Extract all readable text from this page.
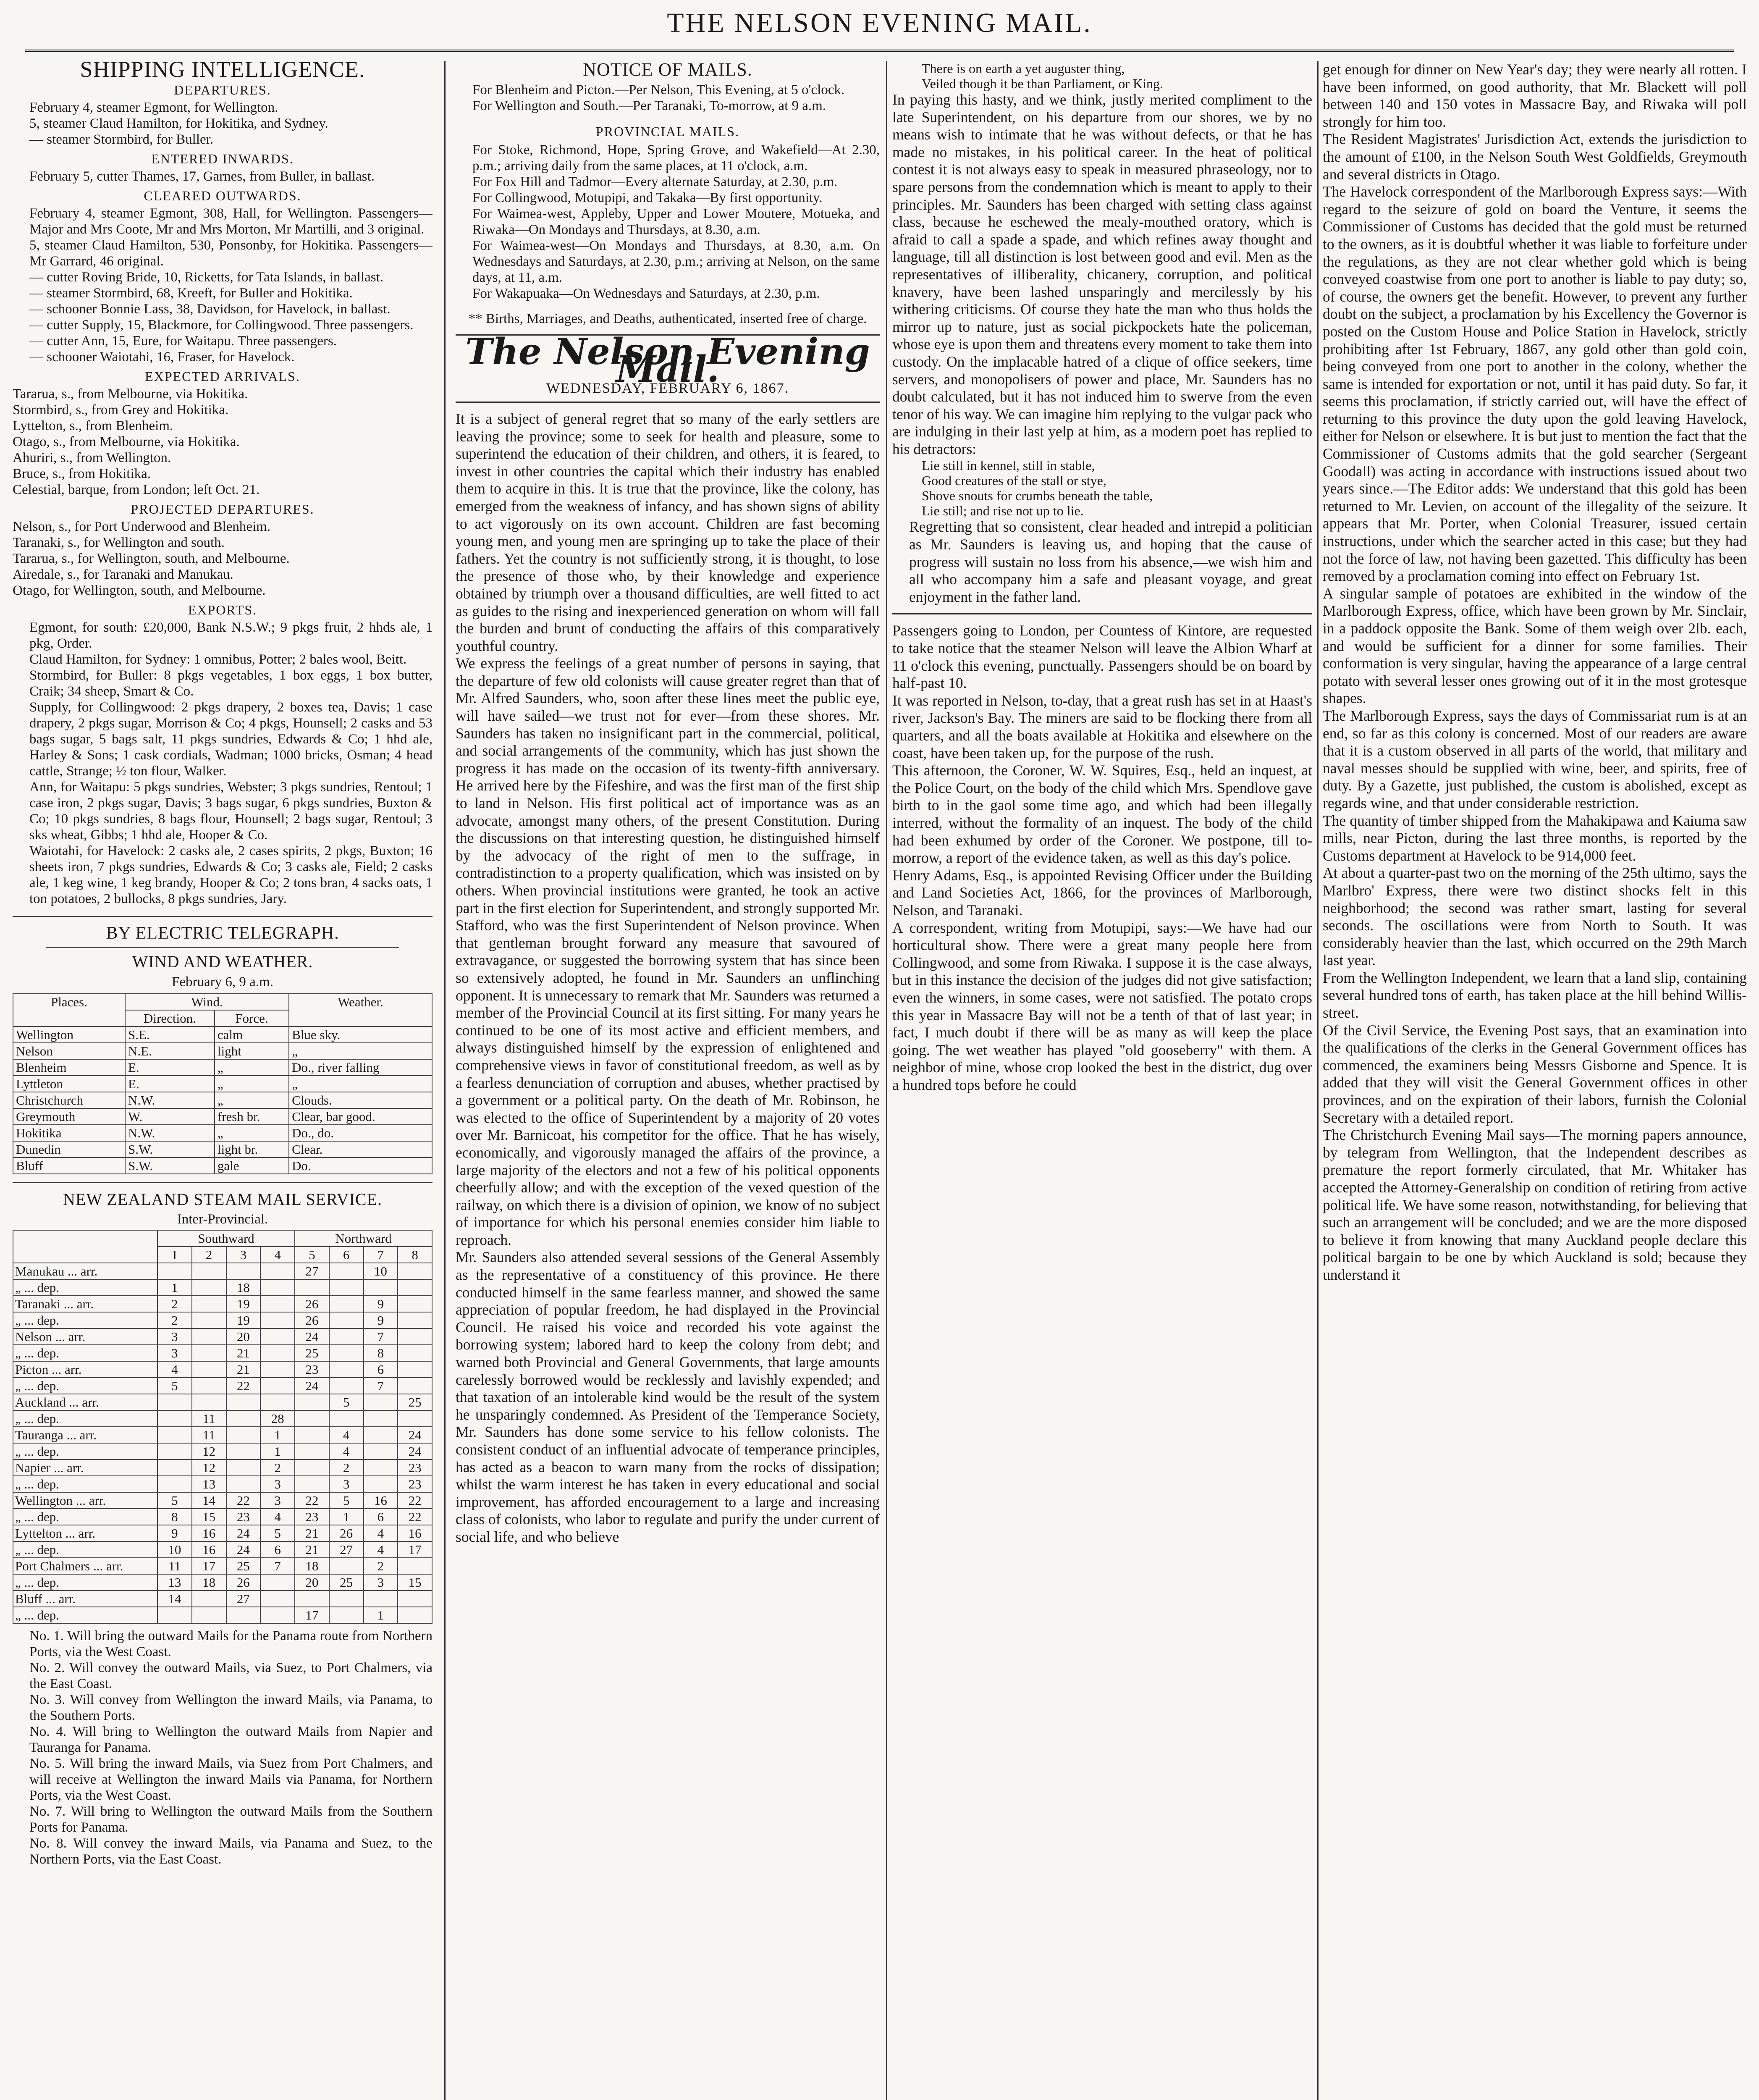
THE NELSON EVENING MAIL.
SHIPPING INTELLIGENCE.
DEPARTURES.

February 4, steamer Egmont, for Wellington.

5, steamer Claud Hamilton, for Hokitika, and Sydney.

— steamer Stormbird, for Buller.

ENTERED INWARDS.

February 5, cutter Thames, 17, Garnes, from Buller, in ballast.

CLEARED OUTWARDS.

February 4, steamer Egmont, 308, Hall, for Wellington. Passengers—Major and Mrs Coote, Mr and Mrs Morton, Mr Martilli, and 3 original.

5, steamer Claud Hamilton, 530, Ponsonby, for Hokitika. Passengers—Mr Garrard, 46 original.

— cutter Roving Bride, 10, Ricketts, for Tata Islands, in ballast.

— steamer Stormbird, 68, Kreeft, for Buller and Hokitika.

— schooner Bonnie Lass, 38, Davidson, for Havelock, in ballast.

— cutter Supply, 15, Blackmore, for Collingwood. Three passengers.

— cutter Ann, 15, Eure, for Waitapu. Three passengers.

— schooner Waiotahi, 16, Fraser, for Havelock.

EXPECTED ARRIVALS.

Tararua, s., from Melbourne, via Hokitika.

Stormbird, s., from Grey and Hokitika.

Lyttelton, s., from Blenheim.

Otago, s., from Melbourne, via Hokitika.

Ahuriri, s., from Wellington.

Bruce, s., from Hokitika.

Celestial, barque, from London; left Oct. 21.

PROJECTED DEPARTURES.

Nelson, s., for Port Underwood and Blenheim.

Taranaki, s., for Wellington and south.

Tararua, s., for Wellington, south, and Melbourne.

Airedale, s., for Taranaki and Manukau.

Otago, for Wellington, south, and Melbourne.

EXPORTS.

Egmont, for south: £20,000, Bank N.S.W.; 9 pkgs fruit, 2 hhds ale, 1 pkg, Order.

Claud Hamilton, for Sydney: 1 omnibus, Potter; 2 bales wool, Beitt.

Stormbird, for Buller: 8 pkgs vegetables, 1 box eggs, 1 box butter, Craik; 34 sheep, Smart & Co.

Supply, for Collingwood: 2 pkgs drapery, 2 boxes tea, Davis; 1 case drapery, 2 pkgs sugar, Morrison & Co; 4 pkgs, Hounsell; 2 casks and 53 bags sugar, 5 bags salt, 11 pkgs sundries, Edwards & Co; 1 hhd ale, Harley & Sons; 1 cask cordials, Wadman; 1000 bricks, Osman; 4 head cattle, Strange; ½ ton flour, Walker.

Ann, for Waitapu: 5 pkgs sundries, Webster; 3 pkgs sundries, Rentoul; 1 case iron, 2 pkgs sugar, Davis; 3 bags sugar, 6 pkgs sundries, Buxton & Co; 10 pkgs sundries, 8 bags flour, Hounsell; 2 bags sugar, Rentoul; 3 sks wheat, Gibbs; 1 hhd ale, Hooper & Co.

Waiotahi, for Havelock: 2 casks ale, 2 cases spirits, 2 pkgs, Buxton; 16 sheets iron, 7 pkgs sundries, Edwards & Co; 3 casks ale, Field; 2 casks ale, 1 keg wine, 1 keg brandy, Hooper & Co; 2 tons bran, 4 sacks oats, 1 ton potatoes, 2 bullocks, 8 pkgs sundries, Jary.

BY ELECTRIC TELEGRAPH.
WIND AND WEATHER.
February 6, 9 a.m.
Places.	Wind.		Weather.
	Direction.	Force.	
Wellington	S.E.	calm	Blue sky.
Nelson	N.E.	light	„
Blenheim	E.	„	Do., river falling
Lyttleton	E.	„	„
Christchurch	N.W.	„	Clouds.
Greymouth	W.	fresh br.	Clear, bar good.
Hokitika	N.W.	„	Do., do.
Dunedin	S.W.	light br.	Clear.
Bluff	S.W.	gale	Do.
NEW ZEALAND STEAM MAIL SERVICE.
Inter-Provincial.
	Southward				Northward			
	1	2	3	4	5	6	7	8
Manukau ... arr.					27		10	
„ ... dep.	1		18					
Taranaki ... arr.	2		19		26		9	
„ ... dep.	2		19		26		9	
Nelson ... arr.	3		20		24		7	
„ ... dep.	3		21		25		8	
Picton ... arr.	4		21		23		6	
„ ... dep.	5		22		24		7	
Auckland ... arr.						5		25
„ ... dep.		11		28				
Tauranga ... arr.		11		1		4		24
„ ... dep.		12		1		4		24
Napier ... arr.		12		2		2		23
„ ... dep.		13		3		3		23
Wellington ... arr.	5	14	22	3	22	5	16	22
„ ... dep.	8	15	23	4	23	1	6	22
Lyttelton ... arr.	9	16	24	5	21	26	4	16
„ ... dep.	10	16	24	6	21	27	4	17
Port Chalmers ... arr.	11	17	25	7	18		2	
„ ... dep.	13	18	26		20	25	3	15
Bluff ... arr.	14		27					
„ ... dep.					17		1	

No. 1. Will bring the outward Mails for the Panama route from Northern Ports, via the West Coast.

No. 2. Will convey the outward Mails, via Suez, to Port Chalmers, via the East Coast.

No. 3. Will convey from Wellington the inward Mails, via Panama, to the Southern Ports.

No. 4. Will bring to Wellington the outward Mails from Napier and Tauranga for Panama.

No. 5. Will bring the inward Mails, via Suez from Port Chalmers, and will receive at Wellington the inward Mails via Panama, for Northern Ports, via the West Coast.

No. 7. Will bring to Wellington the outward Mails from the Southern Ports for Panama.

No. 8. Will convey the inward Mails, via Panama and Suez, to the Northern Ports, via the East Coast.

NOTICE OF MAILS.

For Blenheim and Picton.—Per Nelson, This Evening, at 5 o'clock.

For Wellington and South.—Per Taranaki, To-morrow, at 9 a.m.

PROVINCIAL MAILS.

For Stoke, Richmond, Hope, Spring Grove, and Wakefield—At 2.30, p.m.; arriving daily from the same places, at 11 o'clock, a.m.

For Fox Hill and Tadmor—Every alternate Saturday, at 2.30, p.m.

For Collingwood, Motupipi, and Takaka—By first opportunity.

For Waimea-west, Appleby, Upper and Lower Moutere, Motueka, and Riwaka—On Mondays and Thursdays, at 8.30, a.m.

For Waimea-west—On Mondays and Thursdays, at 8.30, a.m. On Wednesdays and Saturdays, at 2.30, p.m.; arriving at Nelson, on the same days, at 11, a.m.

For Wakapuaka—On Wednesdays and Saturdays, at 2.30, p.m.

** Births, Marriages, and Deaths, authenticated, inserted free of charge.
The Nelson Evening Mail.
WEDNESDAY, FEBRUARY 6, 1867.

It is a subject of general regret that so many of the early settlers are leaving the province; some to seek for health and pleasure, some to superintend the education of their children, and others, it is feared, to invest in other countries the capital which their industry has enabled them to acquire in this. It is true that the province, like the colony, has emerged from the weakness of infancy, and has shown signs of ability to act vigorously on its own account. Children are fast becoming young men, and young men are springing up to take the place of their fathers. Yet the country is not sufficiently strong, it is thought, to lose the presence of those who, by their knowledge and experience obtained by triumph over a thousand difficulties, are well fitted to act as guides to the rising and inexperienced generation on whom will fall the burden and brunt of conducting the affairs of this comparatively youthful country.

We express the feelings of a great number of persons in saying, that the departure of few old colonists will cause greater regret than that of Mr. Alfred Saunders, who, soon after these lines meet the public eye, will have sailed—we trust not for ever—from these shores. Mr. Saunders has taken no insignificant part in the commercial, political, and social arrangements of the community, which has just shown the progress it has made on the occasion of its twenty-fifth anniversary. He arrived here by the Fifeshire, and was the first man of the first ship to land in Nelson. His first political act of importance was as an advocate, amongst many others, of the present Constitution. During the discussions on that interesting question, he distinguished himself by the advocacy of the right of men to the suffrage, in contradistinction to a property qualification, which was insisted on by others. When provincial institutions were granted, he took an active part in the first election for Superintendent, and strongly supported Mr. Stafford, who was the first Superintendent of Nelson province. When that gentleman brought forward any measure that savoured of extravagance, or suggested the borrowing system that has since been so extensively adopted, he found in Mr. Saunders an unflinching opponent. It is unnecessary to remark that Mr. Saunders was returned a member of the Provincial Council at its first sitting. For many years he continued to be one of its most active and efficient members, and always distinguished himself by the expression of enlightened and comprehensive views in favor of constitutional freedom, as well as by a fearless denunciation of corruption and abuses, whether practised by a government or a political party. On the death of Mr. Robinson, he was elected to the office of Superintendent by a majority of 20 votes over Mr. Barnicoat, his competitor for the office. That he has wisely, economically, and vigorously managed the affairs of the province, a large majority of the electors and not a few of his political opponents cheerfully allow; and with the exception of the vexed question of the railway, on which there is a division of opinion, we know of no subject of importance for which his personal enemies consider him liable to reproach.

Mr. Saunders also attended several sessions of the General Assembly as the representative of a constituency of this province. He there conducted himself in the same fearless manner, and showed the same appreciation of popular freedom, he had displayed in the Provincial Council. He raised his voice and recorded his vote against the borrowing system; labored hard to keep the colony from debt; and warned both Provincial and General Governments, that large amounts carelessly borrowed would be recklessly and lavishly expended; and that taxation of an intolerable kind would be the result of the system he unsparingly condemned. As President of the Temperance Society, Mr. Saunders has done some service to his fellow colonists. The consistent conduct of an influential advocate of temperance principles, has acted as a beacon to warn many from the rocks of dissipation; whilst the warm interest he has taken in every educational and social improvement, has afforded encouragement to a large and increasing class of colonists, who labor to regulate and purify the under current of social life, and who believe

There is on earth a yet auguster thing,

Veiled though it be than Parliament, or King.

In paying this hasty, and we think, justly merited compliment to the late Superintendent, on his departure from our shores, we by no means wish to intimate that he was without defects, or that he has made no mistakes, in his political career. In the heat of political contest it is not always easy to speak in measured phraseology, nor to spare persons from the condemnation which is meant to apply to their principles. Mr. Saunders has been charged with setting class against class, because he eschewed the mealy-mouthed oratory, which is afraid to call a spade a spade, and which refines away thought and language, till all distinction is lost between good and evil. Men as the representatives of illiberality, chicanery, corruption, and political knavery, have been lashed unsparingly and mercilessly by his withering criticisms. Of course they hate the man who thus holds the mirror up to nature, just as social pickpockets hate the policeman, whose eye is upon them and threatens every moment to take them into custody. On the implacable hatred of a clique of office seekers, time servers, and monopolisers of power and place, Mr. Saunders has no doubt calculated, but it has not induced him to swerve from the even tenor of his way. We can imagine him replying to the vulgar pack who are indulging in their last yelp at him, as a modern poet has replied to his detractors:

Lie still in kennel, still in stable,

Good creatures of the stall or stye,

Shove snouts for crumbs beneath the table,

Lie still; and rise not up to lie.

Regretting that so consistent, clear headed and intrepid a politician as Mr. Saunders is leaving us, and hoping that the cause of progress will sustain no loss from his absence,—we wish him and all who accompany him a safe and pleasant voyage, and great enjoyment in the father land.

Passengers going to London, per Countess of Kintore, are requested to take notice that the steamer Nelson will leave the Albion Wharf at 11 o'clock this evening, punctually. Passengers should be on board by half-past 10.

It was reported in Nelson, to-day, that a great rush has set in at Haast's river, Jackson's Bay. The miners are said to be flocking there from all quarters, and all the boats available at Hokitika and elsewhere on the coast, have been taken up, for the purpose of the rush.

This afternoon, the Coroner, W. W. Squires, Esq., held an inquest, at the Police Court, on the body of the child which Mrs. Spendlove gave birth to in the gaol some time ago, and which had been illegally interred, without the formality of an inquest. The body of the child had been exhumed by order of the Coroner. We postpone, till to-morrow, a report of the evidence taken, as well as this day's police.

Henry Adams, Esq., is appointed Revising Officer under the Building and Land Societies Act, 1866, for the provinces of Marlborough, Nelson, and Taranaki.

A correspondent, writing from Motupipi, says:—We have had our horticultural show. There were a great many people here from Collingwood, and some from Riwaka. I suppose it is the case always, but in this instance the decision of the judges did not give satisfaction; even the winners, in some cases, were not satisfied. The potato crops this year in Massacre Bay will not be a tenth of that of last year; in fact, I much doubt if there will be as many as will keep the place going. The wet weather has played "old gooseberry" with them. A neighbor of mine, whose crop looked the best in the district, dug over a hundred tops before he could

get enough for dinner on New Year's day; they were nearly all rotten. I have been informed, on good authority, that Mr. Blackett will poll between 140 and 150 votes in Massacre Bay, and Riwaka will poll strongly for him too.

The Resident Magistrates' Jurisdiction Act, extends the jurisdiction to the amount of £100, in the Nelson South West Goldfields, Greymouth and several districts in Otago.

The Havelock correspondent of the Marlborough Express says:—With regard to the seizure of gold on board the Venture, it seems the Commissioner of Customs has decided that the gold must be returned to the owners, as it is doubtful whether it was liable to forfeiture under the regulations, as they are not clear whether gold which is being conveyed coastwise from one port to another is liable to pay duty; so, of course, the owners get the benefit. However, to prevent any further doubt on the subject, a proclamation by his Excellency the Governor is posted on the Custom House and Police Station in Havelock, strictly prohibiting after 1st February, 1867, any gold other than gold coin, being conveyed from one port to another in the colony, whether the same is intended for exportation or not, until it has paid duty. So far, it seems this proclamation, if strictly carried out, will have the effect of returning to this province the duty upon the gold leaving Havelock, either for Nelson or elsewhere. It is but just to mention the fact that the Commissioner of Customs admits that the gold searcher (Sergeant Goodall) was acting in accordance with instructions issued about two years since.—The Editor adds: We understand that this gold has been returned to Mr. Levien, on account of the illegality of the seizure. It appears that Mr. Porter, when Colonial Treasurer, issued certain instructions, under which the searcher acted in this case; but they had not the force of law, not having been gazetted. This difficulty has been removed by a proclamation coming into effect on February 1st.

A singular sample of potatoes are exhibited in the window of the Marlborough Express, office, which have been grown by Mr. Sinclair, in a paddock opposite the Bank. Some of them weigh over 2lb. each, and would be sufficient for a dinner for some families. Their conformation is very singular, having the appearance of a large central potato with several lesser ones growing out of it in the most grotesque shapes.

The Marlborough Express, says the days of Commissariat rum is at an end, so far as this colony is concerned. Most of our readers are aware that it is a custom observed in all parts of the world, that military and naval messes should be supplied with wine, beer, and spirits, free of duty. By a Gazette, just published, the custom is abolished, except as regards wine, and that under considerable restriction.

The quantity of timber shipped from the Mahakipawa and Kaiuma saw mills, near Picton, during the last three months, is reported by the Customs department at Havelock to be 914,000 feet.

At about a quarter-past two on the morning of the 25th ultimo, says the Marlbro' Express, there were two distinct shocks felt in this neighborhood; the second was rather smart, lasting for several seconds. The oscillations were from North to South. It was considerably heavier than the last, which occurred on the 29th March last year.

From the Wellington Independent, we learn that a land slip, containing several hundred tons of earth, has taken place at the hill behind Willis-street.

Of the Civil Service, the Evening Post says, that an examination into the qualifications of the clerks in the General Government offices has commenced, the examiners being Messrs Gisborne and Spence. It is added that they will visit the General Government offices in other provinces, and on the expiration of their labors, furnish the Colonial Secretary with a detailed report.

The Christchurch Evening Mail says—The morning papers announce, by telegram from Wellington, that the Independent describes as premature the report formerly circulated, that Mr. Whitaker has accepted the Attorney-Generalship on condition of retiring from active political life. We have some reason, notwithstanding, for believing that such an arrangement will be concluded; and we are the more disposed to believe it from knowing that many Auckland people declare this political bargain to be one by which Auckland is sold; because they understand it
